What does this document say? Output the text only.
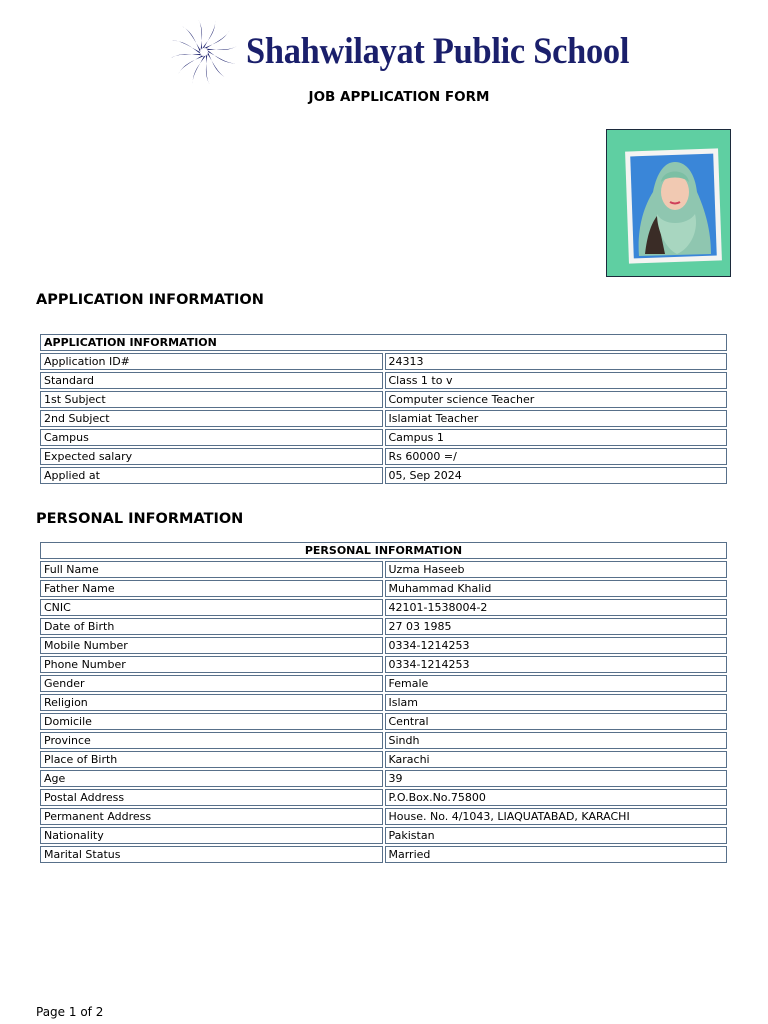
Shahwilayat Public School
JOB APPLICATION FORM
APPLICATION INFORMATION
APPLICATION INFORMATION	
Application ID#	24313
Standard	Class 1 to v
1st Subject	Computer science Teacher
2nd Subject	Islamiat Teacher
Campus	Campus 1
Expected salary	Rs 60000 =/
Applied at	05, Sep 2024
PERSONAL INFORMATION
PERSONAL INFORMATION	
Full Name	Uzma Haseeb
Father Name	Muhammad Khalid
CNIC	42101-1538004-2
Date of Birth	27 03 1985
Mobile Number	0334-1214253
Phone Number	0334-1214253
Gender	Female
Religion	Islam
Domicile	Central
Province	Sindh
Place of Birth	Karachi
Age	39
Postal Address	P.O.Box.No.75800
Permanent Address	House. No. 4/1043, LIAQUATABAD, KARACHI
Nationality	Pakistan
Marital Status	Married
Page 1 of 2
